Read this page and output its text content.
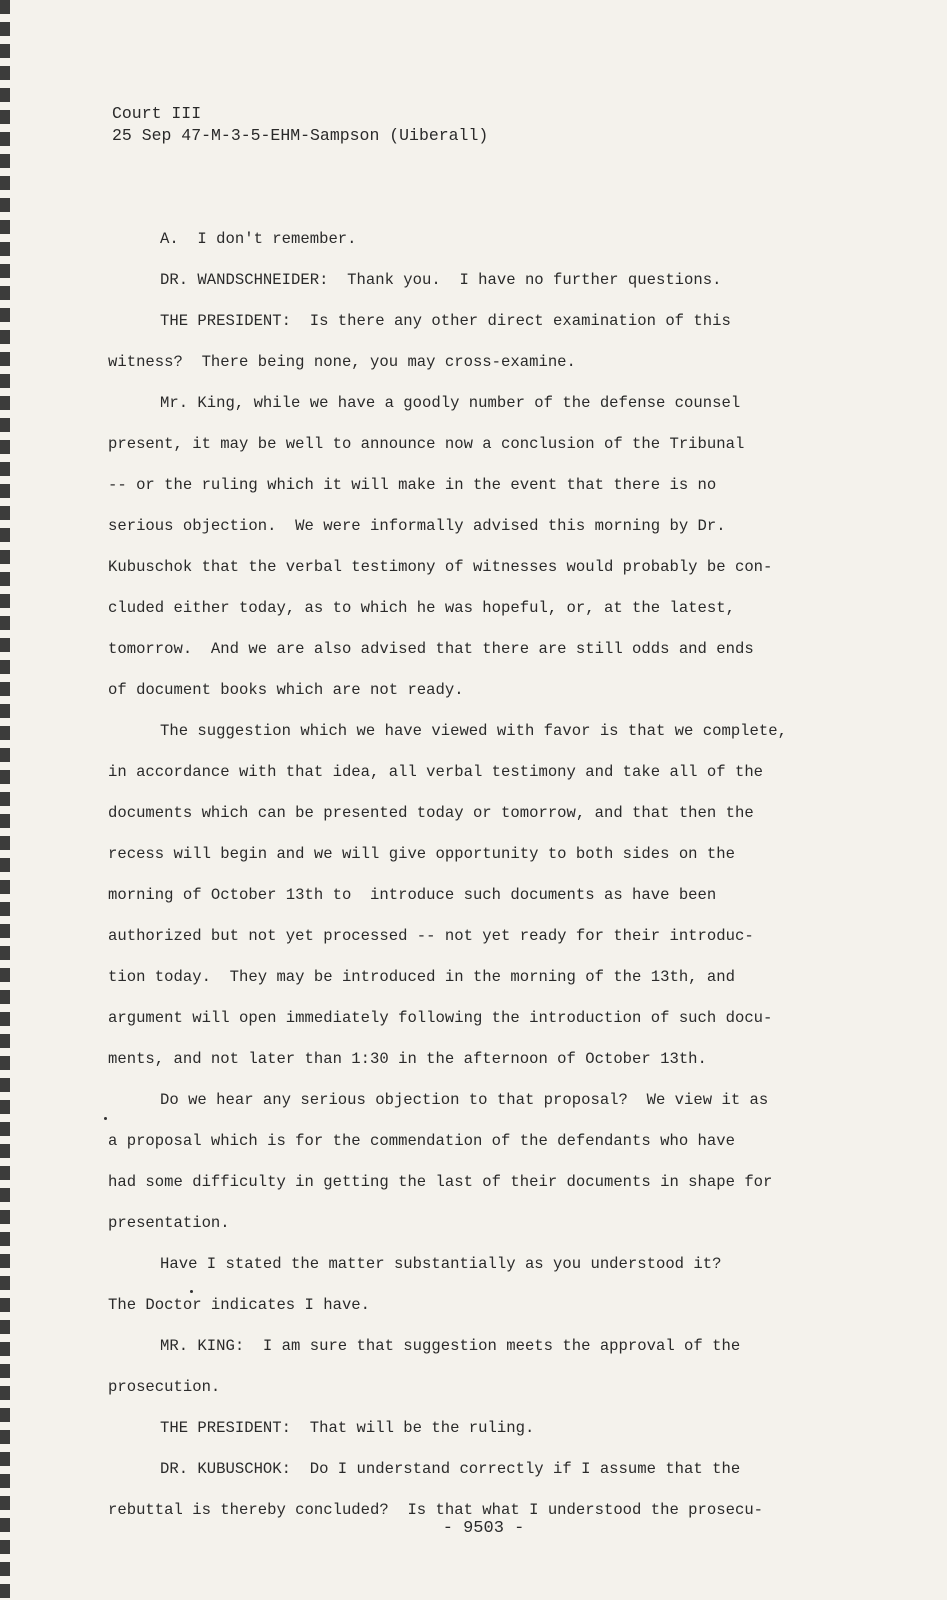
Court III
25 Sep 47-M-3-5-EHM-Sampson (Uiberall)
A.  I don't remember.
DR. WANDSCHNEIDER:  Thank you.  I have no further questions.
THE PRESIDENT:  Is there any other direct examination of this
witness?  There being none, you may cross-examine.
Mr. King, while we have a goodly number of the defense counsel
present, it may be well to announce now a conclusion of the Tribunal
-- or the ruling which it will make in the event that there is no
serious objection.  We were informally advised this morning by Dr.
Kubuschok that the verbal testimony of witnesses would probably be con-
cluded either today, as to which he was hopeful, or, at the latest,
tomorrow.  And we are also advised that there are still odds and ends
of document books which are not ready.
The suggestion which we have viewed with favor is that we complete,
in accordance with that idea, all verbal testimony and take all of the
documents which can be presented today or tomorrow, and that then the
recess will begin and we will give opportunity to both sides on the
morning of October 13th to  introduce such documents as have been
authorized but not yet processed -- not yet ready for their introduc-
tion today.  They may be introduced in the morning of the 13th, and
argument will open immediately following the introduction of such docu-
ments, and not later than 1:30 in the afternoon of October 13th.
Do we hear any serious objection to that proposal?  We view it as
a proposal which is for the commendation of the defendants who have
had some difficulty in getting the last of their documents in shape for
presentation.
Have I stated the matter substantially as you understood it?
The Doctor indicates I have.
MR. KING:  I am sure that suggestion meets the approval of the
prosecution.
THE PRESIDENT:  That will be the ruling.
DR. KUBUSCHOK:  Do I understand correctly if I assume that the
rebuttal is thereby concluded?  Is that what I understood the prosecu-
- 9503 -
